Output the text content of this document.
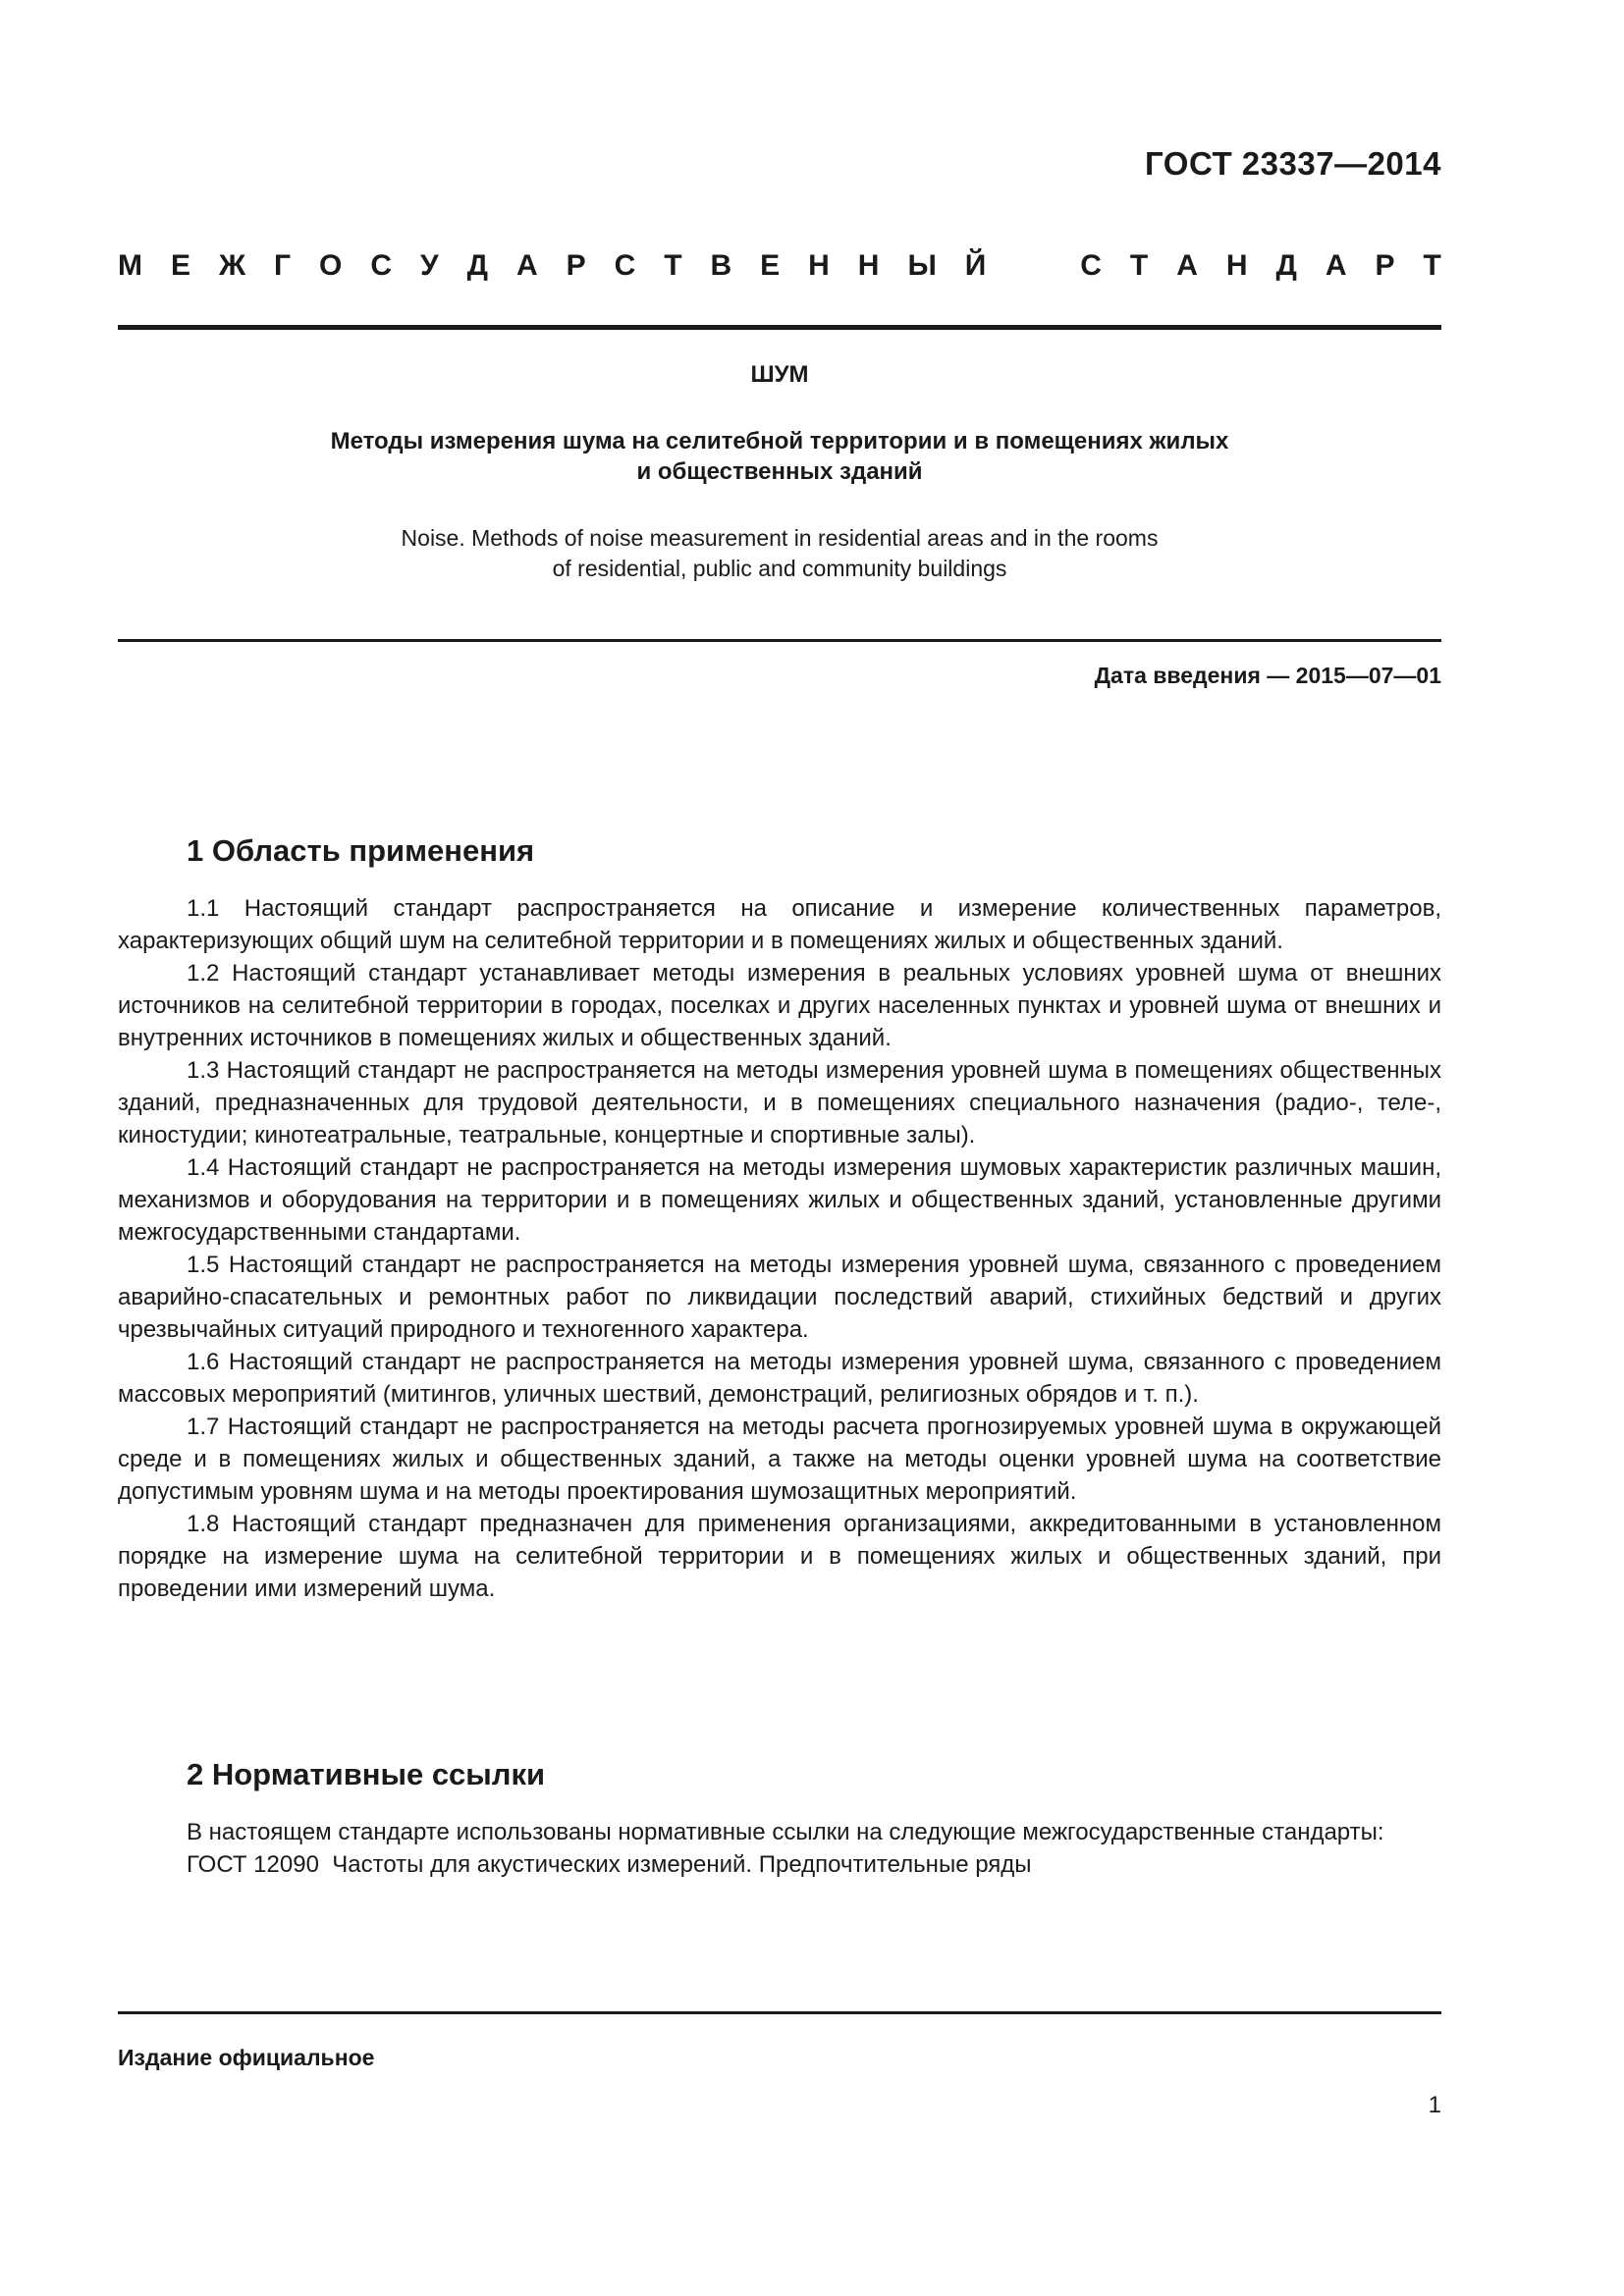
ГОСТ 23337—2014
М Е Ж Г О С У Д А Р С Т В Е Н Н Ы Й	С Т А Н Д А Р Т
ШУМ
Методы измерения шума на селитебной территории и в помещениях жилых
и общественных зданий
Noise. Methods of noise measurement in residential areas and in the rooms
of residential, public and community buildings
Дата введения — 2015—07—01
1 Область применения

1.1 Настоящий стандарт распространяется на описание и измерение количественных параметров, характеризующих общий шум на селитебной территории и в помещениях жилых и общественных зданий.

1.2 Настоящий стандарт устанавливает методы измерения в реальных условиях уровней шума от внешних источников на селитебной территории в городах, поселках и других населенных пунктах и уровней шума от внешних и внутренних источников в помещениях жилых и общественных зданий.

1.3 Настоящий стандарт не распространяется на методы измерения уровней шума в помещениях общественных зданий, предназначенных для трудовой деятельности, и в помещениях специального назначения (радио-, теле-, киностудии; кинотеатральные, театральные, концертные и спортивные залы).

1.4 Настоящий стандарт не распространяется на методы измерения шумовых характеристик различных машин, механизмов и оборудования на территории и в помещениях жилых и общественных зданий, установленные другими межгосударственными стандартами.

1.5 Настоящий стандарт не распространяется на методы измерения уровней шума, связанного с проведением аварийно-спасательных и ремонтных работ по ликвидации последствий аварий, стихийных бедствий и других чрезвычайных ситуаций природного и техногенного характера.

1.6 Настоящий стандарт не распространяется на методы измерения уровней шума, связанного с проведением массовых мероприятий (митингов, уличных шествий, демонстраций, религиозных обрядов и т. п.).

1.7 Настоящий стандарт не распространяется на методы расчета прогнозируемых уровней шума в окружающей среде и в помещениях жилых и общественных зданий, а также на методы оценки уровней шума на соответствие допустимым уровням шума и на методы проектирования шумозащитных мероприятий.

1.8 Настоящий стандарт предназначен для применения организациями, аккредитованными в установленном порядке на измерение шума на селитебной территории и в помещениях жилых и общественных зданий, при проведении ими измерений шума.

2 Нормативные ссылки

В настоящем стандарте использованы нормативные ссылки на следующие межгосударственные стандарты:

ГОСТ 12090 Частоты для акустических измерений. Предпочтительные ряды
Издание официальное
1
